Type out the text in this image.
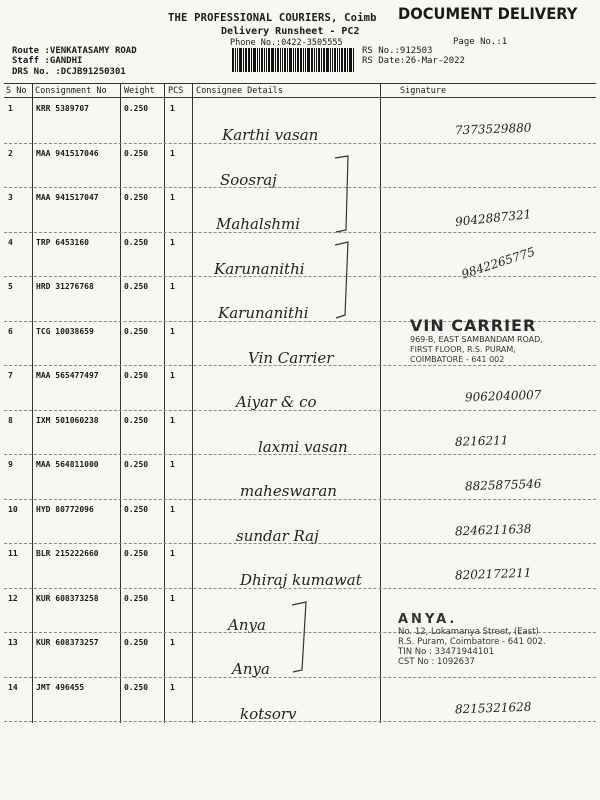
THE PROFESSIONAL COURIERS, Coimb DOCUMENT DELIVERY
Delivery Runsheet - PC2
Phone No.:0422-3505555	Page No.:1
Route :VENKATASAMY ROAD
Staff :GANDHI
DRS No. :DCJB91250301
RS No.:912503
RS Date:26-Mar-2022
S No Consignment No Weight PCS Consignee Details	Signature
1	KRR 5389707	0.250	1
Karthi vasan	7373529880
2	MAA 941517046	0.250	1
Soosraj
3	MAA 941517047	0.250	1
Mahalshmi	9042887321
4	TRP 6453160	0.250	1
Karunanithi	9842265775
5	HRD 31276768	0.250	1
Karunanithi
6	TCG 10038659	0.250	1
Vin Carrier
7	MAA 565477497	0.250	1
Aiyar & co	9062040007
8	IXM 501060238	0.250	1
laxmi vasan	8216211
9	MAA 564811000	0.250	1
maheswaran	8825875546
10 HYD 80772096	0.250	1
sundar Raj	8246211638
11 BLR 215222660	0.250	1
Dhiraj kumawat	8202172211
12 KUR 608373258	0.250	1
Anya
13 KUR 608373257	0.250	1
Anya
14 JMT 496455	0.250	1
kotsorv	8215321628
VIN CARRIER
969-B, EAST SAMBANDAM ROAD,
FIRST FLOOR, R.S. PURAM,
COIMBATORE - 641 002
ANYA.
No. 12, Lokamanya Street, (East)
R.S. Puram, Coimbatore - 641 002.
TIN No : 33471944101
CST No : 1092637
